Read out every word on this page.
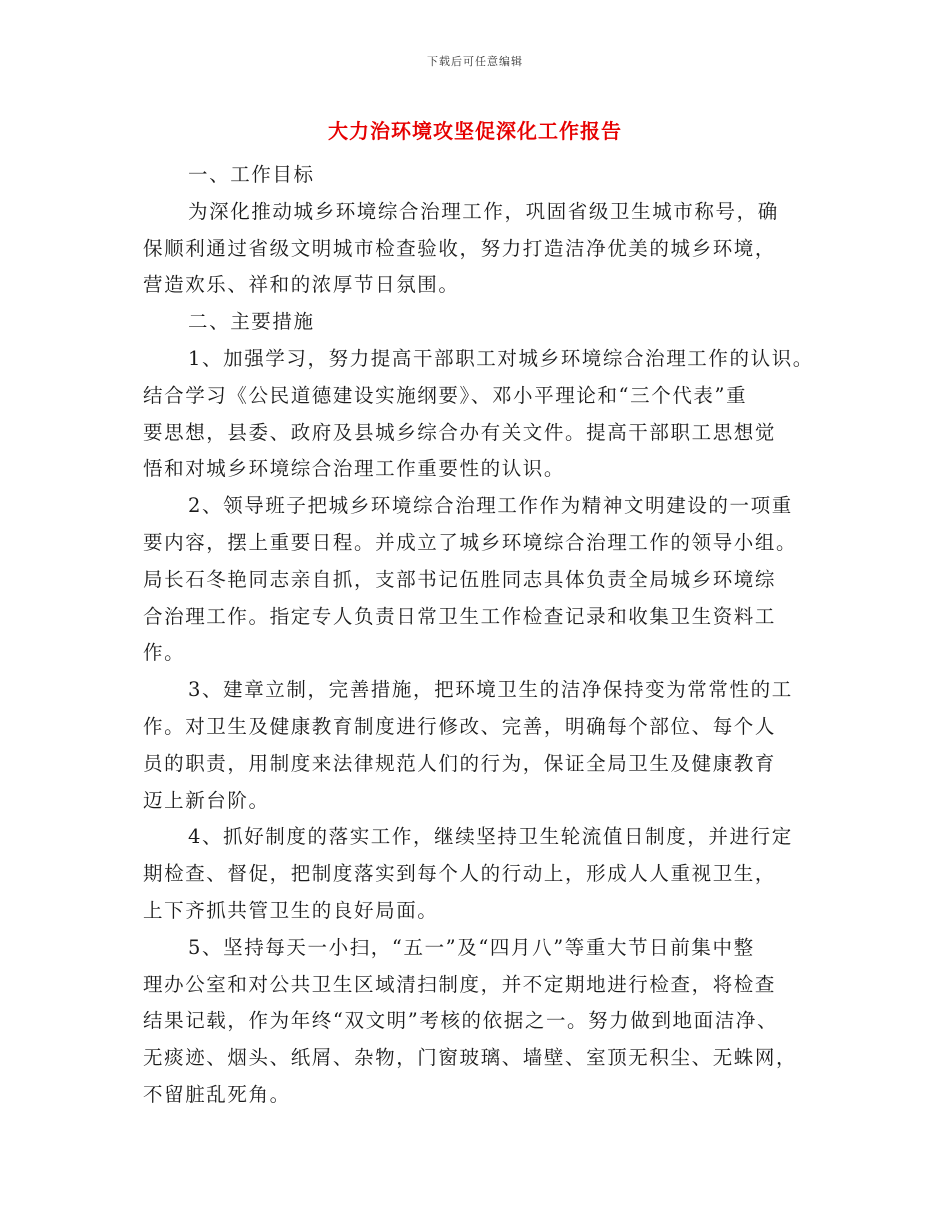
下载后可任意编辑
大力治环境攻坚促深化工作报告
一、工作目标
为深化推动城乡环境综合治理工作，巩固省级卫生城市称号，确
保顺利通过省级文明城市检查验收，努力打造洁净优美的城乡环境，
营造欢乐、祥和的浓厚节日氛围。
二、主要措施
1、加强学习，努力提高干部职工对城乡环境综合治理工作的认识。
结合学习《公民道德建设实施纲要》、邓小平理论和“三个代表”重
要思想，县委、政府及县城乡综合办有关文件。提高干部职工思想觉
悟和对城乡环境综合治理工作重要性的认识。
2、领导班子把城乡环境综合治理工作作为精神文明建设的一项重
要内容，摆上重要日程。并成立了城乡环境综合治理工作的领导小组。
局长石冬艳同志亲自抓，支部书记伍胜同志具体负责全局城乡环境综
合治理工作。指定专人负责日常卫生工作检查记录和收集卫生资料工
作。
3、建章立制，完善措施，把环境卫生的洁净保持变为常常性的工
作。对卫生及健康教育制度进行修改、完善，明确每个部位、每个人
员的职责，用制度来法律规范人们的行为，保证全局卫生及健康教育
迈上新台阶。
4、抓好制度的落实工作，继续坚持卫生轮流值日制度，并进行定
期检查、督促，把制度落实到每个人的行动上，形成人人重视卫生，
上下齐抓共管卫生的良好局面。
5、坚持每天一小扫，“五一”及“四月八”等重大节日前集中整
理办公室和对公共卫生区域清扫制度，并不定期地进行检查，将检查
结果记载，作为年终“双文明”考核的依据之一。努力做到地面洁净、
无痰迹、烟头、纸屑、杂物，门窗玻璃、墙壁、室顶无积尘、无蛛网，
不留脏乱死角。
